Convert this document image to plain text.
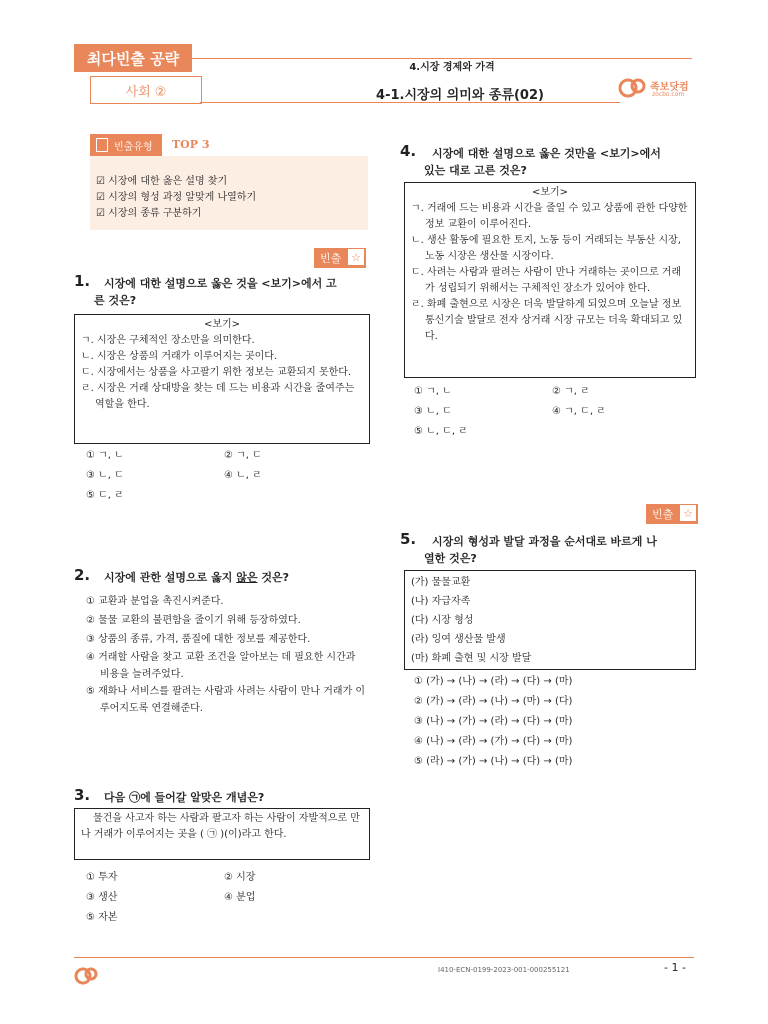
최다빈출 공략
사회 ②
4.시장 경제와 가격
4-1.시장의 의미와 종류(02)
족보닷컴
zocbo.com
빈출유형 TOP 3
☑ 시장에 대한 옳은 설명 찾기
☑ 시장의 형성 과정 알맞게 나열하기
☑ 시장의 종류 구분하기
빈출 ☆
1. 시장에 대한 설명으로 옳은 것을 <보기>에서 고
른 것은?
<보기>
ㄱ. 시장은 구체적인 장소만을 의미한다.
ㄴ. 시장은 상품의 거래가 이루어지는 곳이다.
ㄷ. 시장에서는 상품을 사고팔기 위한 정보는 교환되지 못한다.
ㄹ. 시장은 거래 상대방을 찾는 데 드는 비용과 시간을 줄여주는 역할을 한다.
① ㄱ, ㄴ	② ㄱ, ㄷ
③ ㄴ, ㄷ	④ ㄴ, ㄹ
⑤ ㄷ, ㄹ
2. 시장에 관한 설명으로 옳지 않은 것은?
① 교환과 분업을 촉진시켜준다.
② 물물 교환의 불편함을 줄이기 위해 등장하였다.
③ 상품의 종류, 가격, 품질에 대한 정보를 제공한다.
④ 거래할 사람을 찾고 교환 조건을 알아보는 데 필요한 시간과 비용을 늘려주었다.
⑤ 재화나 서비스를 팔려는 사람과 사려는 사람이 만나 거래가 이루어지도록 연결해준다.
3. 다음 ㉠에 들어갈 알맞은 개념은?
물건을 사고자 하는 사람과 팔고자 하는 사람이 자발적으로 만나 거래가 이루어지는 곳을 ( ㉠ )(이)라고 한다.
① 투자	② 시장
③ 생산	④ 분업
⑤ 자본
4. 시장에 대한 설명으로 옳은 것만을 <보기>에서
있는 대로 고른 것은?
<보기>
ㄱ. 거래에 드는 비용과 시간을 줄일 수 있고 상품에 관한 다양한 정보 교환이 이루어진다.
ㄴ. 생산 활동에 필요한 토지, 노동 등이 거래되는 부동산 시장, 노동 시장은 생산물 시장이다.
ㄷ. 사려는 사람과 팔려는 사람이 만나 거래하는 곳이므로 거래가 성립되기 위해서는 구체적인 장소가 있어야 한다.
ㄹ. 화폐 출현으로 시장은 더욱 발달하게 되었으며 오늘날 정보통신기술 발달로 전자 상거래 시장 규모는 더욱 확대되고 있다.
① ㄱ, ㄴ	② ㄱ, ㄹ
③ ㄴ, ㄷ	④ ㄱ, ㄷ, ㄹ
⑤ ㄴ, ㄷ, ㄹ
빈출 ☆
5. 시장의 형성과 발달 과정을 순서대로 바르게 나
열한 것은?
(가) 물물교환
(나) 자급자족
(다) 시장 형성
(라) 잉여 생산물 발생
(마) 화폐 출현 및 시장 발달
① (가) → (나) → (라) → (다) → (마)
② (가) → (라) → (나) → (마) → (다)
③ (나) → (가) → (라) → (다) → (마)
④ (나) → (라) → (가) → (다) → (마)
⑤ (라) → (가) → (나) → (다) → (마)
I410-ECN-0199-2023-001-000255121	- 1 -
